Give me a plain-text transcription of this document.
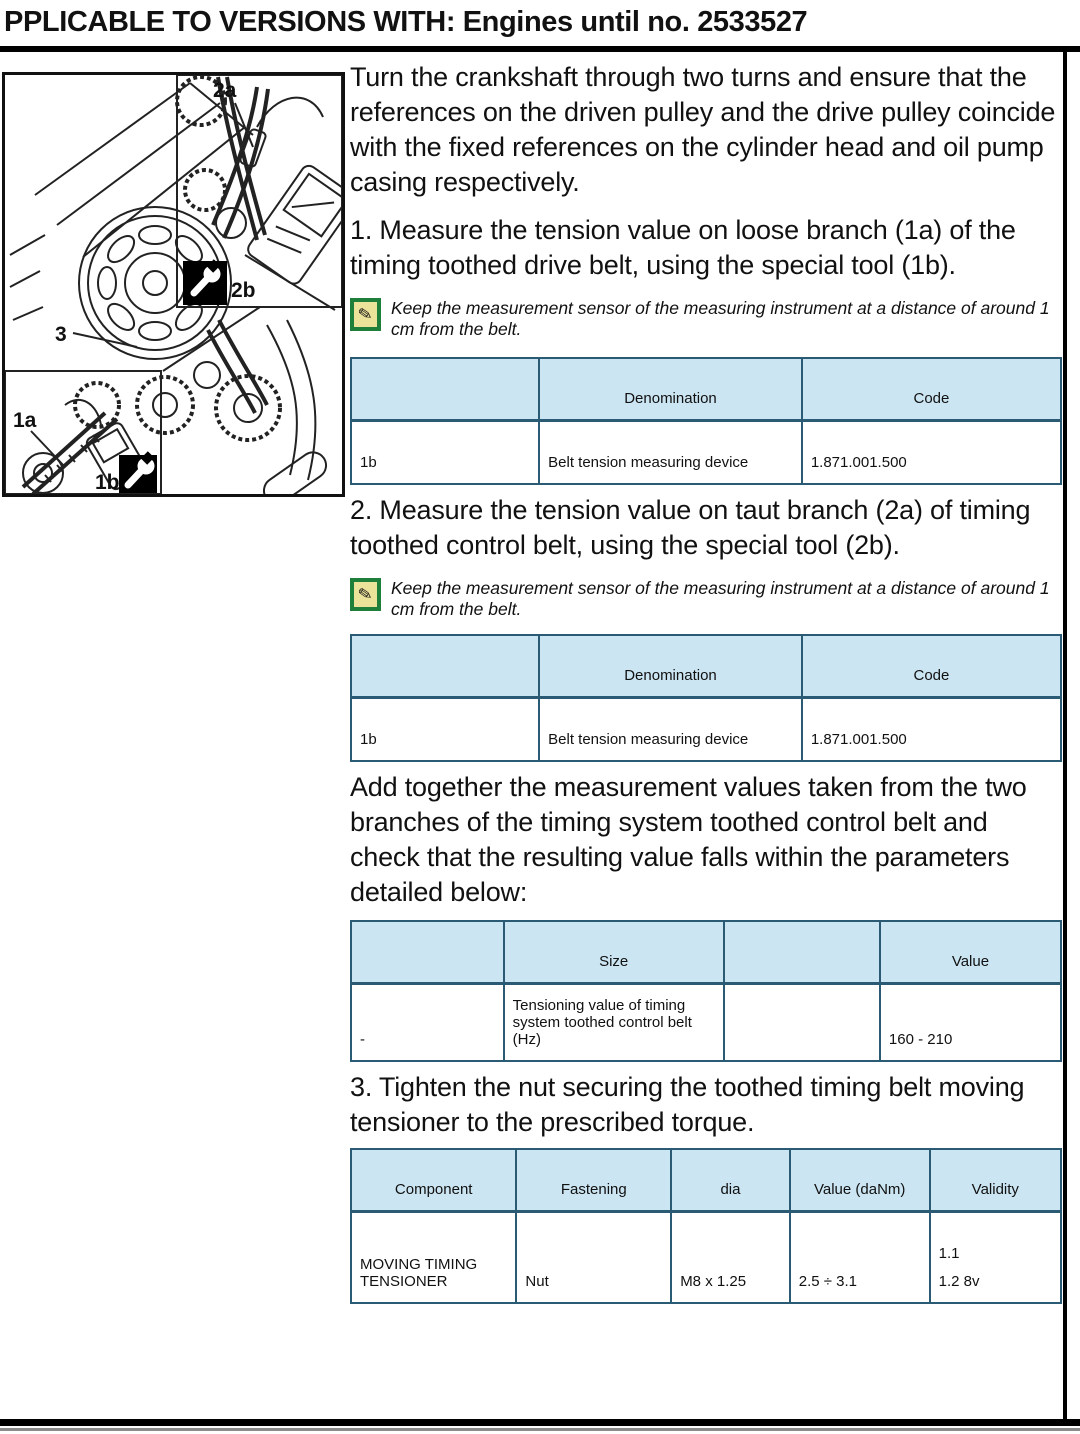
PPLICABLE TO VERSIONS WITH: Engines until no. 2533527
3
2a
2b
1a
1b

Turn the crankshaft through two turns and ensure that the references on the driven pulley and the drive pulley coincide with the fixed references on the cylinder head and oil pump casing respectively.

1. Measure the tension value on loose branch (1a) of the timing toothed drive belt, using the special tool (1b).

✎ Keep the measurement sensor of the measuring instrument at a distance of around 1 cm from the belt.
	Denomination	Code
1b	Belt tension measuring device	1.871.001.500

2. Measure the tension value on taut branch (2a) of timing toothed control belt, using the special tool (2b).

✎ Keep the measurement sensor of the measuring instrument at a distance of around 1 cm from the belt.
	Denomination	Code
1b	Belt tension measuring device	1.871.001.500

Add together the measurement values taken from the two branches of the timing system toothed control belt and check that the resulting value falls within the parameters detailed below:

	Size		Value
-	Tensioning value of timing system toothed control belt (Hz)		160 - 210

3. Tighten the nut securing the toothed timing belt moving tensioner to the prescribed torque.

Component	Fastening	dia	Value (daNm)	Validity
MOVING TIMING TENSIONER	Nut	M8 x 1.25	2.5 ÷ 3.1	1.1
1.2 8v
